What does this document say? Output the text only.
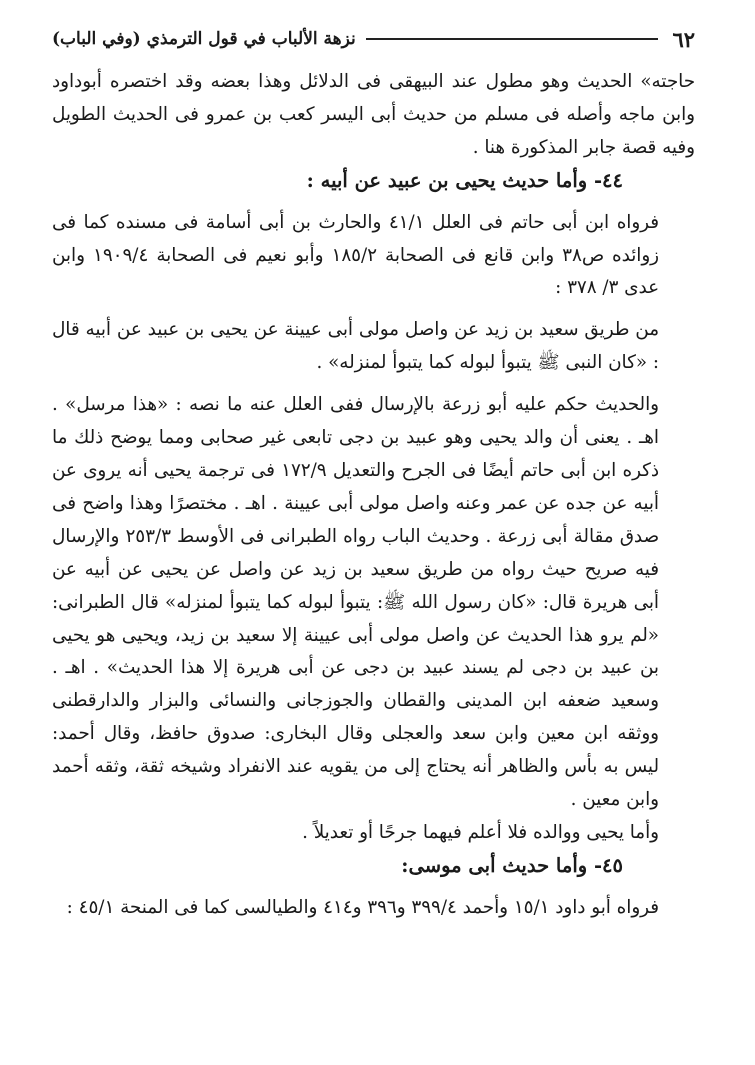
٦٢
نزهة الألباب في قول الترمذي (وفي الباب)

حاجته» الحديث وهو مطول عند البيهقى فى الدلائل وهذا بعضه وقد اختصره أبوداود وابن ماجه وأصله فى مسلم من حديث أبى اليسر كعب بن عمرو فى الحديث الطويل وفيه قصة جابر المذكورة هنا .

٤٤- وأما حديث يحيى بن عبيد عن أبيه :

فرواه ابن أبى حاتم فى العلل ٤١/١ والحارث بن أبى أسامة فى مسنده كما فى زوائده ص٣٨ وابن قانع فى الصحابة ١٨٥/٢ وأبو نعيم فى الصحابة ١٩٠٩/٤ وابن عدى ٣/ ٣٧٨ :

من طريق سعيد بن زيد عن واصل مولى أبى عيينة عن يحيى بن عبيد عن أبيه قال : «كان النبى ﷺ يتبوأ لبوله كما يتبوأ لمنزله» .

والحديث حكم عليه أبو زرعة بالإرسال ففى العلل عنه ما نصه : «هذا مرسل» . اهـ . يعنى أن والد يحيى وهو عبيد بن دجى تابعى غير صحابى ومما يوضح ذلك ما ذكره ابن أبى حاتم أيضًا فى الجرح والتعديل ١٧٢/٩ فى ترجمة يحيى أنه يروى عن أبيه عن جده عن عمر وعنه واصل مولى أبى عيينة . اهـ . مختصرًا وهذا واضح فى صدق مقالة أبى زرعة . وحديث الباب رواه الطبرانى فى الأوسط ٢٥٣/٣ والإرسال فيه صريح حيث رواه من طريق سعيد بن زيد عن واصل عن يحيى عن أبيه عن أبى هريرة قال: «كان رسول الله ﷺ: يتبوأ لبوله كما يتبوأ لمنزله» قال الطبرانى: «لم يرو هذا الحديث عن واصل مولى أبى عيينة إلا سعيد بن زيد، ويحيى هو يحيى بن عبيد بن دجى لم يسند عبيد بن دجى عن أبى هريرة إلا هذا الحديث» . اهـ . وسعيد ضعفه ابن المدينى والقطان والجوزجانى والنسائى والبزار والدارقطنى ووثقه ابن معين وابن سعد والعجلى وقال البخارى: صدوق حافظ، وقال أحمد: ليس به بأس والظاهر أنه يحتاج إلى من يقويه عند الانفراد وشيخه ثقة، وثقه أحمد وابن معين .

وأما يحيى ووالده فلا أعلم فيهما جرحًا أو تعديلاً .

٤٥- وأما حديث أبى موسى:

فرواه أبو داود ١٥/١ وأحمد ٣٩٩/٤ و٣٩٦ و٤١٤ والطيالسى كما فى المنحة ٤٥/١ :
